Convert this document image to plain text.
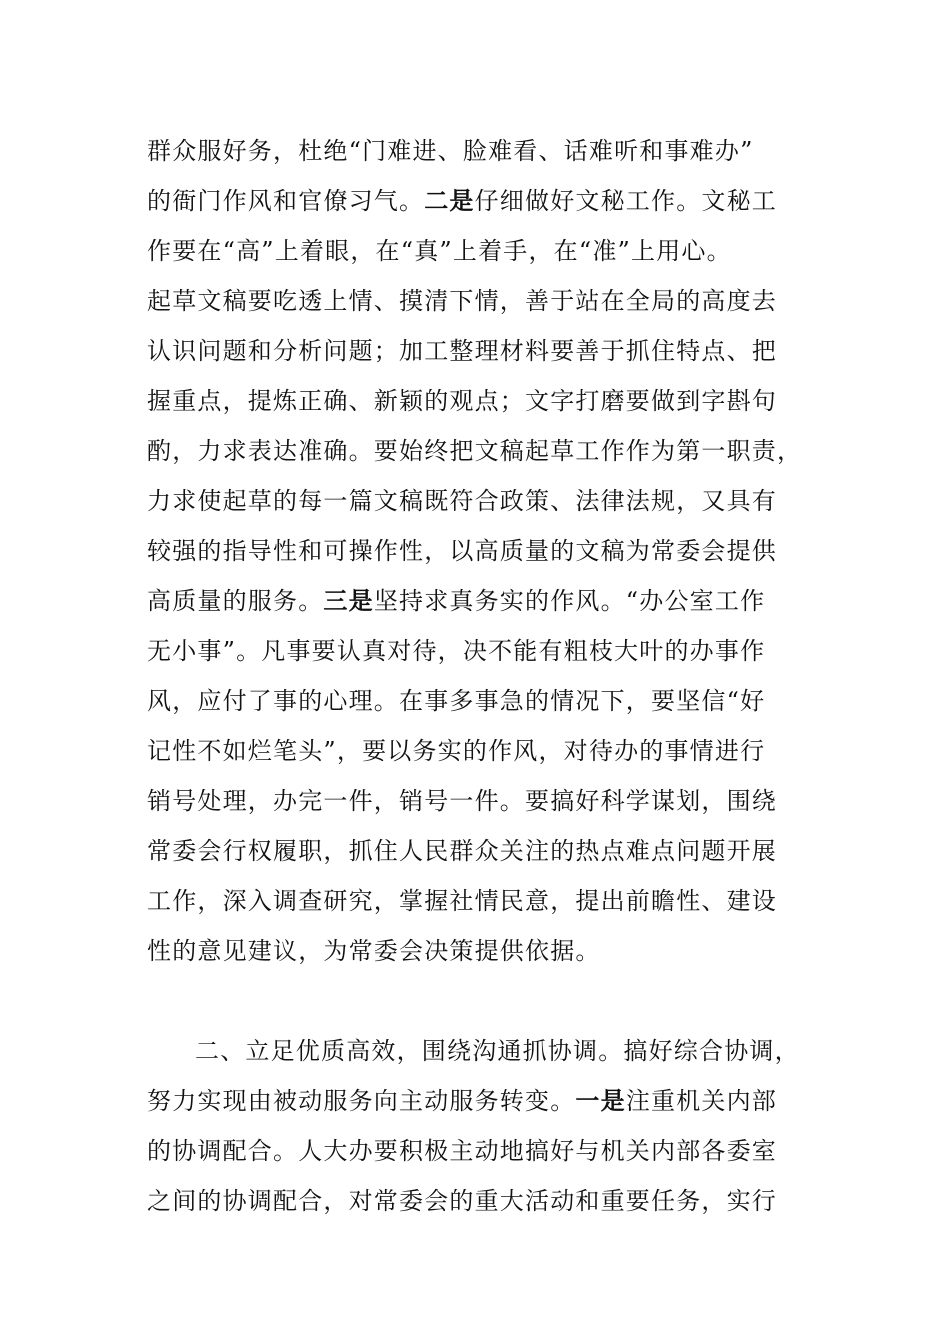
群众服好务，杜绝“门难进、脸难看、话难听和事难办”
的衙门作风和官僚习气。二是仔细做好文秘工作。文秘工
作要在“高”上着眼，在“真”上着手，在“准”上用心。
起草文稿要吃透上情、摸清下情，善于站在全局的高度去
认识问题和分析问题；加工整理材料要善于抓住特点、把
握重点，提炼正确、新颖的观点；文字打磨要做到字斟句
酌，力求表达准确。要始终把文稿起草工作作为第一职责，
力求使起草的每一篇文稿既符合政策、法律法规，又具有
较强的指导性和可操作性，以高质量的文稿为常委会提供
高质量的服务。三是坚持求真务实的作风。“办公室工作
无小事”。凡事要认真对待，决不能有粗枝大叶的办事作
风，应付了事的心理。在事多事急的情况下，要坚信“好
记性不如烂笔头”，要以务实的作风，对待办的事情进行
销号处理，办完一件，销号一件。要搞好科学谋划，围绕
常委会行权履职，抓住人民群众关注的热点难点问题开展
工作，深入调查研究，掌握社情民意，提出前瞻性、建设
性的意见建议，为常委会决策提供依据。
二、立足优质高效，围绕沟通抓协调。搞好综合协调，
努力实现由被动服务向主动服务转变。一是注重机关内部
的协调配合。人大办要积极主动地搞好与机关内部各委室
之间的协调配合，对常委会的重大活动和重要任务，实行
